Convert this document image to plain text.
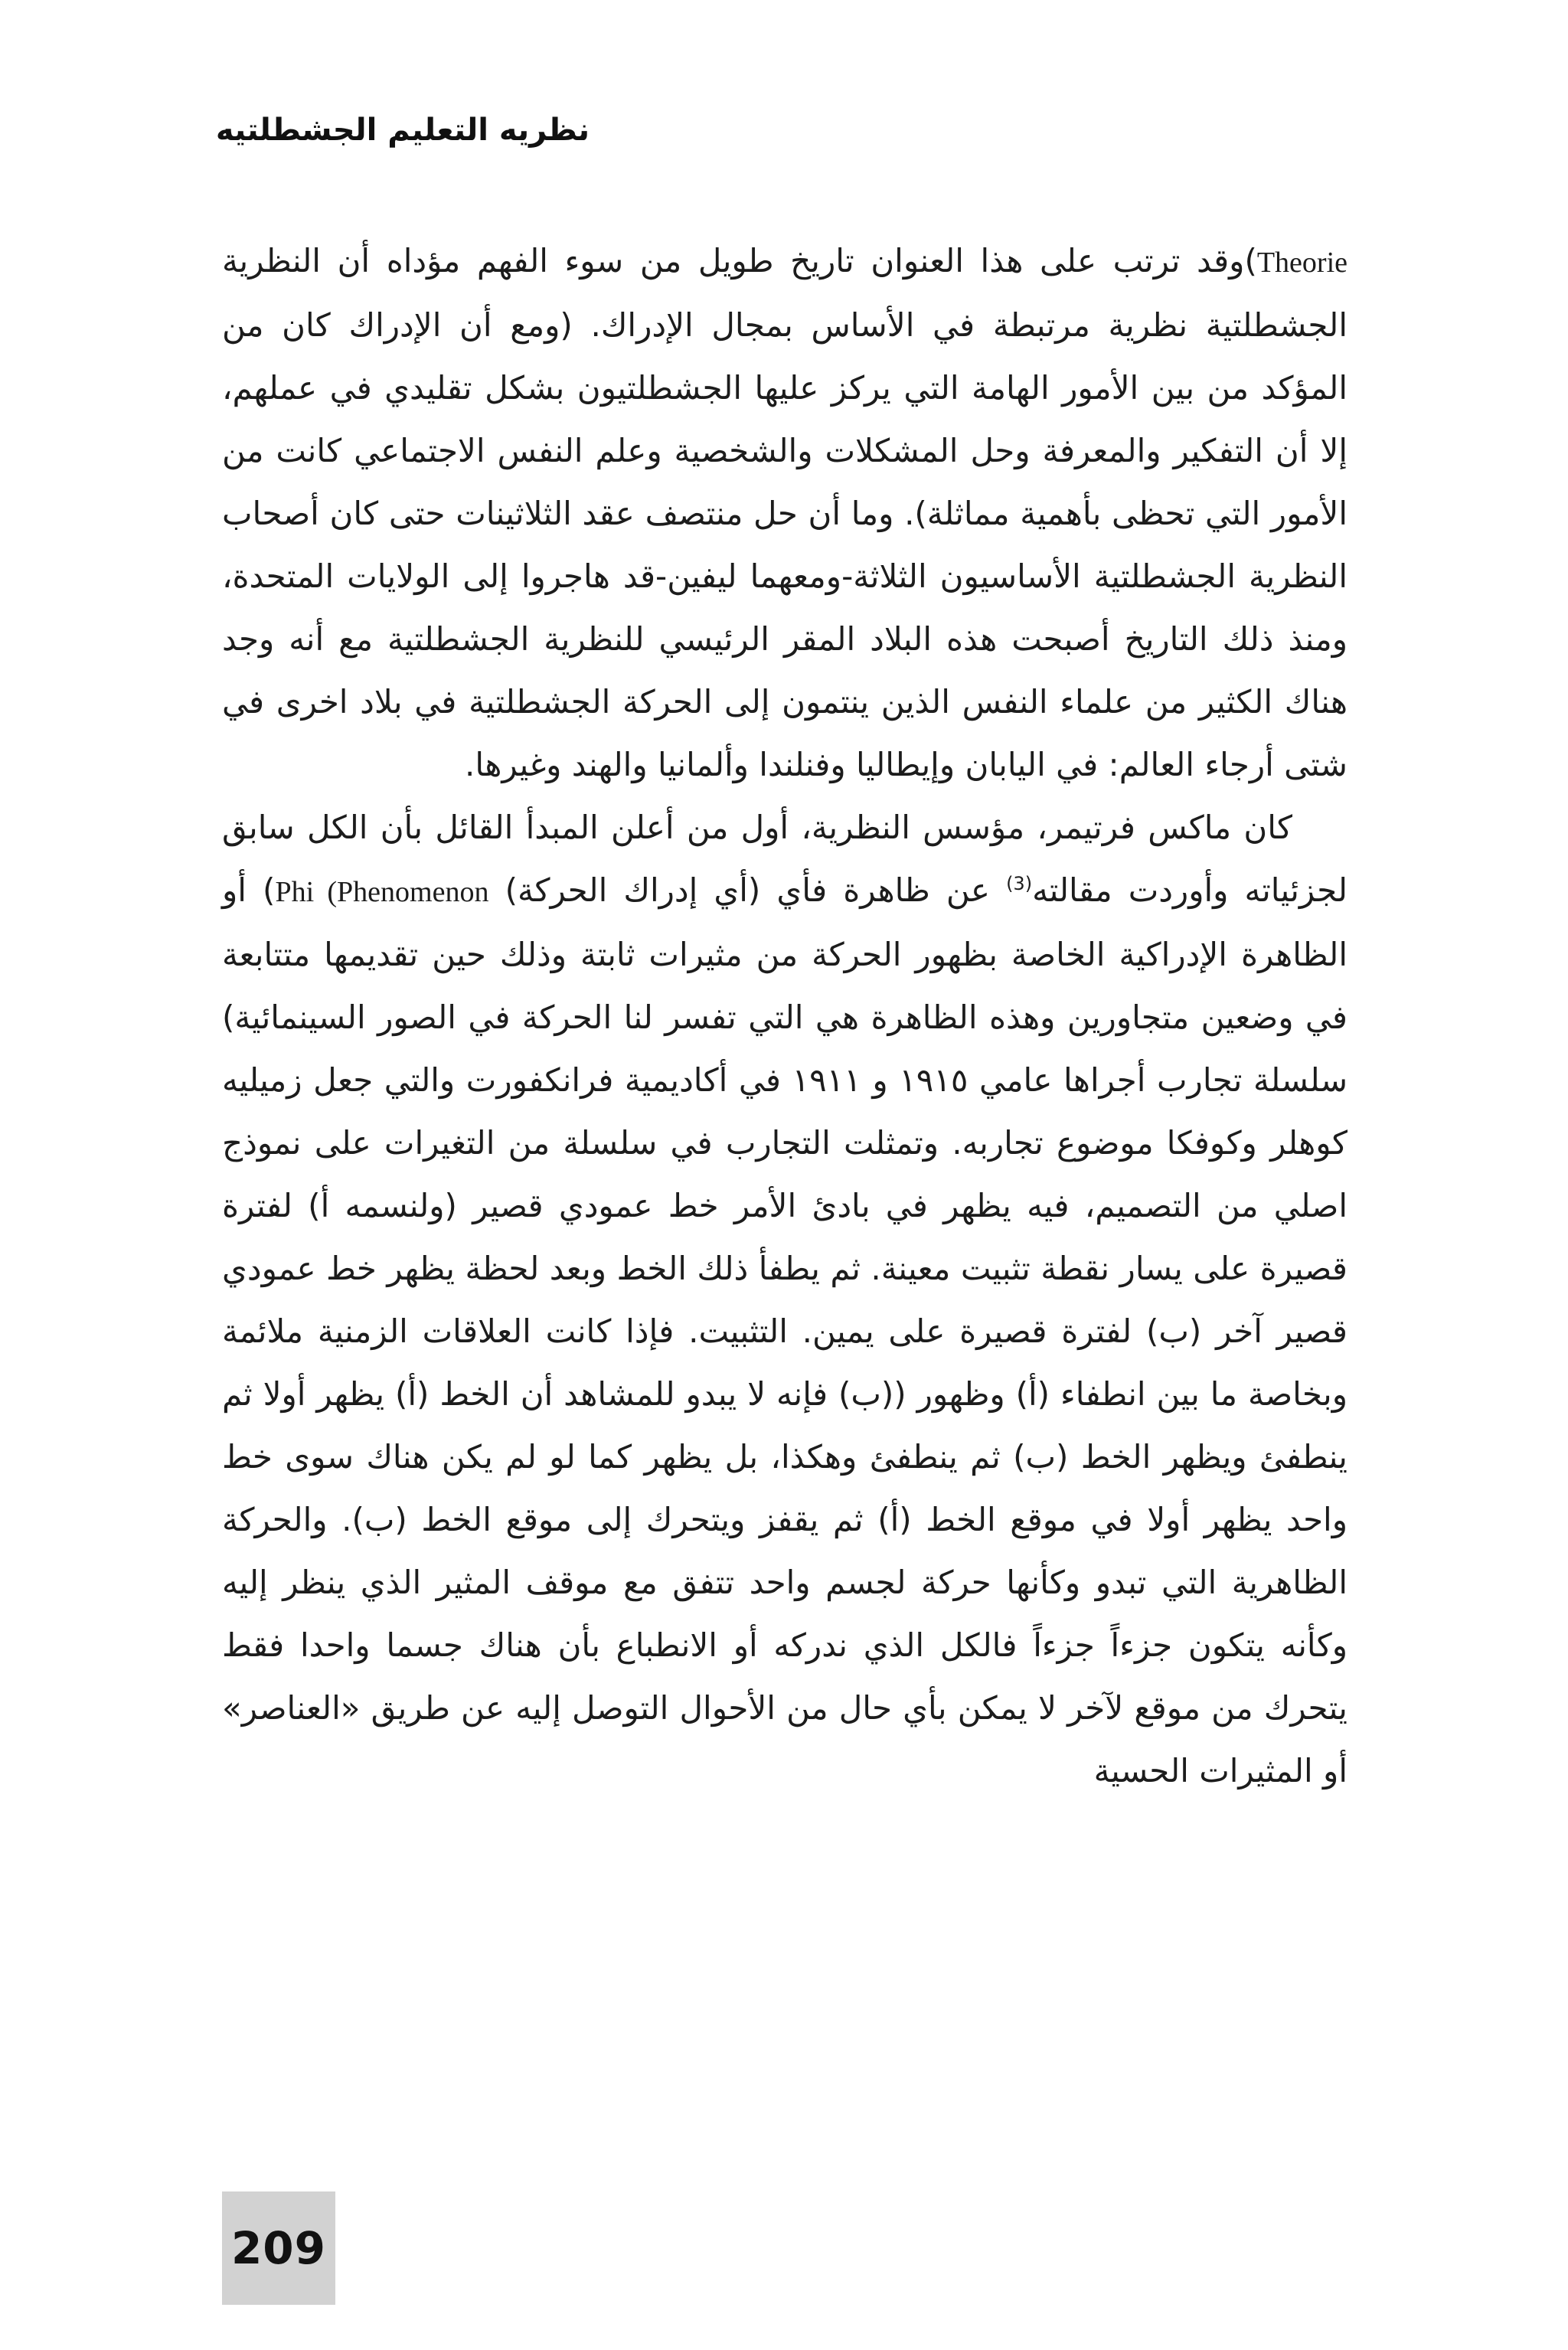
نظريه التعليم الجشطلتيه

Theorie)وقد ترتب على هذا العنوان تاريخ طويل من سوء الفهم مؤداه أن النظرية الجشطلتية نظرية مرتبطة في الأساس بمجال الإدراك. (ومع أن الإدراك كان من المؤكد من بين الأمور الهامة التي يركز عليها الجشطلتيون بشكل تقليدي في عملهم، إلا أن التفكير والمعرفة وحل المشكلات والشخصية وعلم النفس الاجتماعي كانت من الأمور التي تحظى بأهمية مماثلة). وما أن حل منتصف عقد الثلاثينات حتى كان أصحاب النظرية الجشطلتية الأساسيون الثلاثة-ومعهما ليفين-قد هاجروا إلى الولايات المتحدة، ومنذ ذلك التاريخ أصبحت هذه البلاد المقر الرئيسي للنظرية الجشطلتية مع أنه وجد هناك الكثير من علماء النفس الذين ينتمون إلى الحركة الجشطلتية في بلاد اخرى في شتى أرجاء العالم: في اليابان وإيطاليا وفنلندا وألمانيا والهند وغيرها.

كان ماكس فرتيمر، مؤسس النظرية، أول من أعلن المبدأ القائل بأن الكل سابق لجزئياته وأوردت مقالته$^{(3)}$ عن ظاهرة فأي (أي إدراك الحركة) Phi (Phenomenon) أو الظاهرة الإدراكية الخاصة بظهور الحركة من مثيرات ثابتة وذلك حين تقديمها متتابعة في وضعين متجاورين وهذه الظاهرة هي التي تفسر لنا الحركة في الصور السينمائية) سلسلة تجارب أجراها عامي ١٩١٥ و ١٩١١ في أكاديمية فرانكفورت والتي جعل زميليه كوهلر وكوفكا موضوع تجاربه. وتمثلت التجارب في سلسلة من التغيرات على نموذج اصلي من التصميم، فيه يظهر في بادئ الأمر خط عمودي قصير (ولنسمه أ) لفترة قصيرة على يسار نقطة تثبيت معينة. ثم يطفأ ذلك الخط وبعد لحظة يظهر خط عمودي قصير آخر (ب) لفترة قصيرة على يمين. التثبيت. فإذا كانت العلاقات الزمنية ملائمة وبخاصة ما بين انطفاء (أ) وظهور ((ب) فإنه لا يبدو للمشاهد أن الخط (أ) يظهر أولا ثم ينطفئ ويظهر الخط (ب) ثم ينطفئ وهكذا، بل يظهر كما لو لم يكن هناك سوى خط واحد يظهر أولا في موقع الخط (أ) ثم يقفز ويتحرك إلى موقع الخط (ب). والحركة الظاهرية التي تبدو وكأنها حركة لجسم واحد تتفق مع موقف المثير الذي ينظر إليه وكأنه يتكون جزءاً جزءاً فالكل الذي ندركه أو الانطباع بأن هناك جسما واحدا فقط يتحرك من موقع لآخر لا يمكن بأي حال من الأحوال التوصل إليه عن طريق «العناصر» أو المثيرات الحسية

209
